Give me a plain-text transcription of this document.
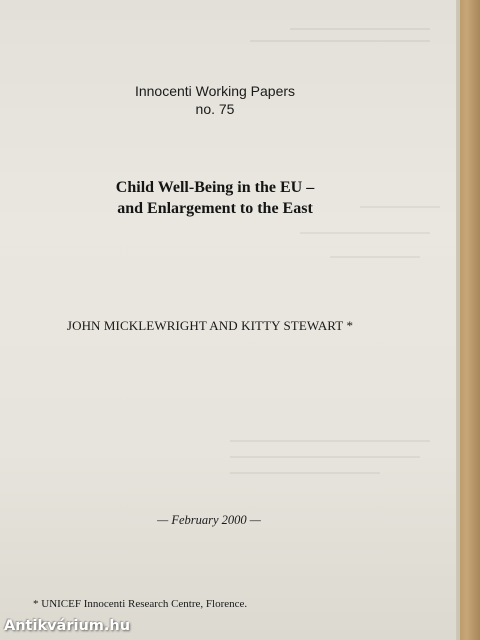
Innocenti Working Papers
no. 75
Child Well-Being in the EU –
and Enlargement to the East
JOHN MICKLEWRIGHT AND KITTY STEWART *
— February 2000 —
* UNICEF Innocenti Research Centre, Florence.
Antikvárium.hu
